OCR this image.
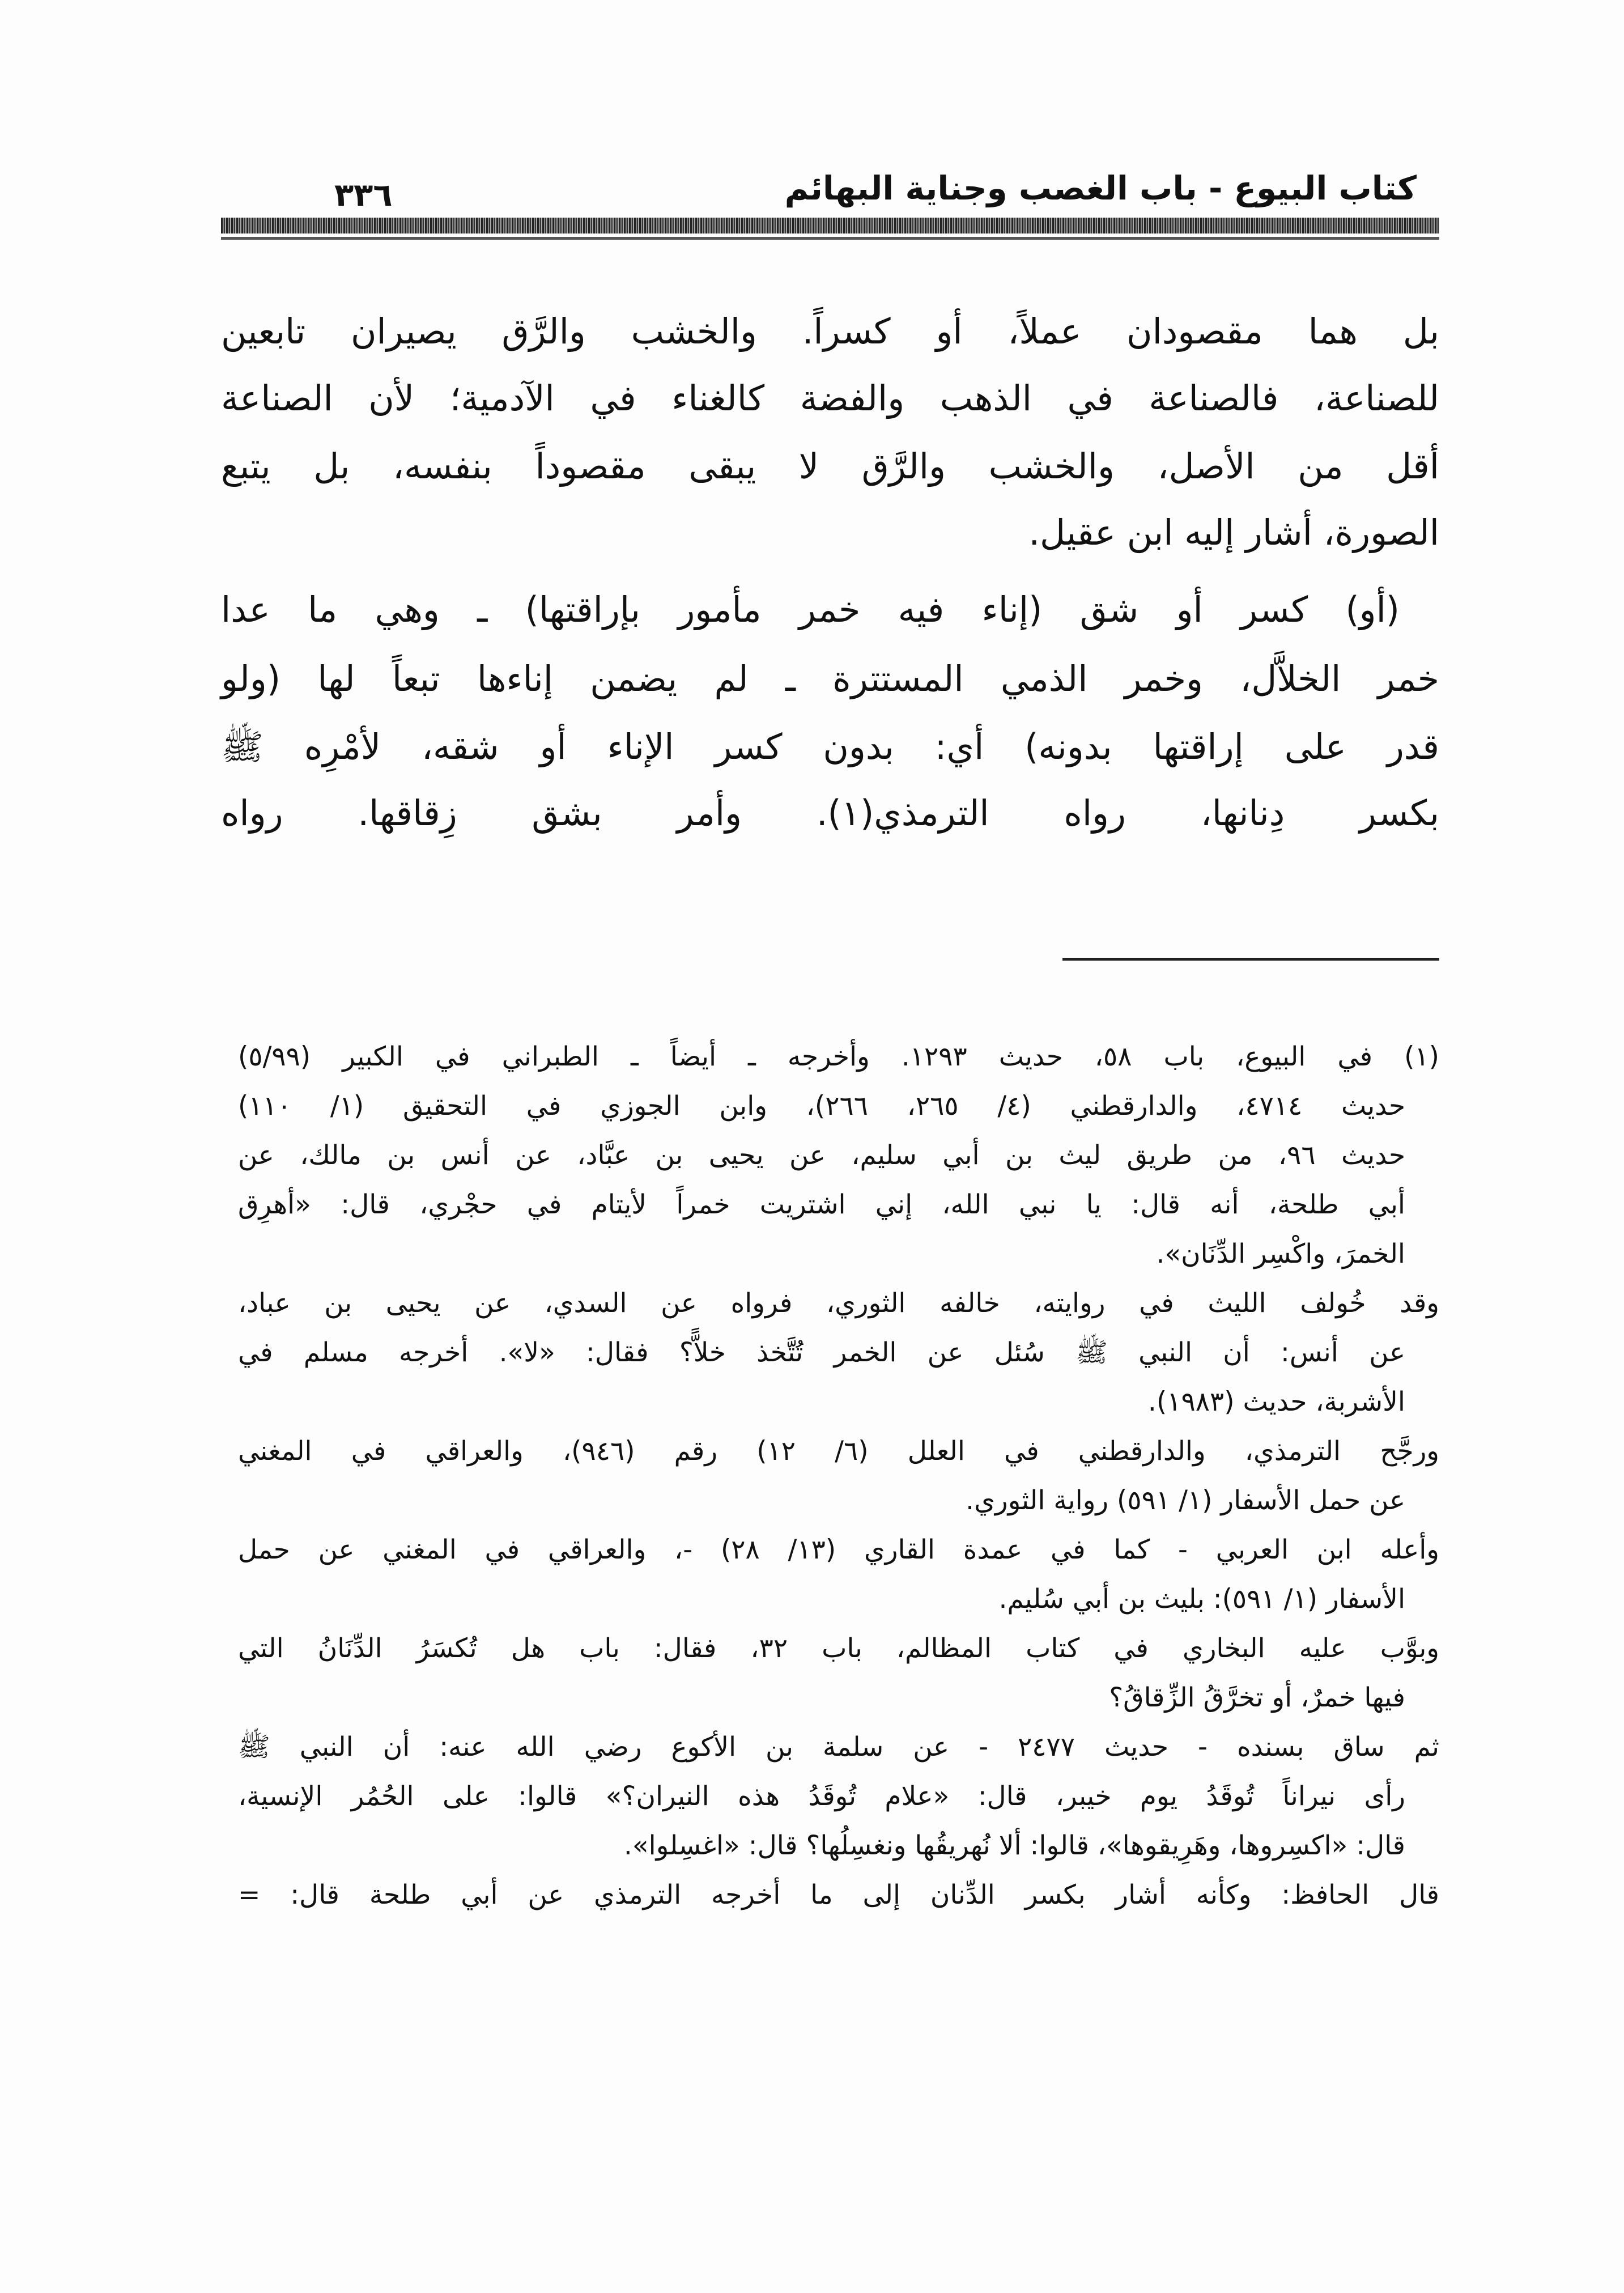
كتاب البيوع - باب الغصب وجناية البهائم
٣٣٦
بل هما مقصودان عملاً، أو كسراً. والخشب والرَّق يصيران تابعين
للصناعة، فالصناعة في الذهب والفضة كالغناء في الآدمية؛ لأن الصناعة
أقل من الأصل، والخشب والرَّق لا يبقى مقصوداً بنفسه، بل يتبع
الصورة، أشار إليه ابن عقيل.
(أو) كسر أو شق (إناء فيه خمر مأمور بإراقتها) ـ وهي ما عدا
خمر الخلاَّل، وخمر الذمي المستترة ـ لم يضمن إناءها تبعاً لها (ولو
قدر على إراقتها بدونه) أي: بدون كسر الإناء أو شقه، لأمْرِه ﷺ
بكسر دِنانها، رواه الترمذي(١). وأمر بشق زِقاقها. رواه
(١) في البيوع، باب ٥٨، حديث ١٢٩٣. وأخرجه ـ أيضاً ـ الطبراني في الكبير (٥/٩٩)
حديث ٤٧١٤، والدارقطني (٤/ ٢٦٥، ٢٦٦)، وابن الجوزي في التحقيق (١/ ١١٠)
حديث ٩٦، من طريق ليث بن أبي سليم، عن يحيى بن عبَّاد، عن أنس بن مالك، عن
أبي طلحة، أنه قال: يا نبي الله، إني اشتريت خمراً لأيتام في حجْري، قال: «أهرِق
الخمرَ، واكْسِر الدِّنَان».
وقد خُولف الليث في روايته، خالفه الثوري، فرواه عن السدي، عن يحيى بن عباد،
عن أنس: أن النبي ﷺ سُئل عن الخمر تُتَّخذ خلاًّ؟ فقال: «لا». أخرجه مسلم في
الأشربة، حديث (١٩٨٣).
ورجَّح الترمذي، والدارقطني في العلل (٦/ ١٢) رقم (٩٤٦)، والعراقي في المغني
عن حمل الأسفار (١/ ٥٩١) رواية الثوري.
وأعله ابن العربي - كما في عمدة القاري (١٣/ ٢٨) -، والعراقي في المغني عن حمل
الأسفار (١/ ٥٩١): بليث بن أبي سُليم.
وبوَّب عليه البخاري في كتاب المظالم، باب ٣٢، فقال: باب هل تُكسَرُ الدِّنَانُ التي
فيها خمرٌ، أو تخرَّقُ الزِّقاقُ؟
ثم ساق بسنده - حديث ٢٤٧٧ - عن سلمة بن الأكوع رضي الله عنه: أن النبي ﷺ
رأى نيراناً تُوقَدُ يوم خيبر، قال: «علام تُوقَدُ هذه النيران؟» قالوا: على الحُمُر الإنسية،
قال: «اكسِروها، وهَرِيقوها»، قالوا: ألا نُهريقُها ونغسِلُها؟ قال: «اغسِلوا».
قال الحافظ: وكأنه أشار بكسر الدِّنان إلى ما أخرجه الترمذي عن أبي طلحة قال: =
